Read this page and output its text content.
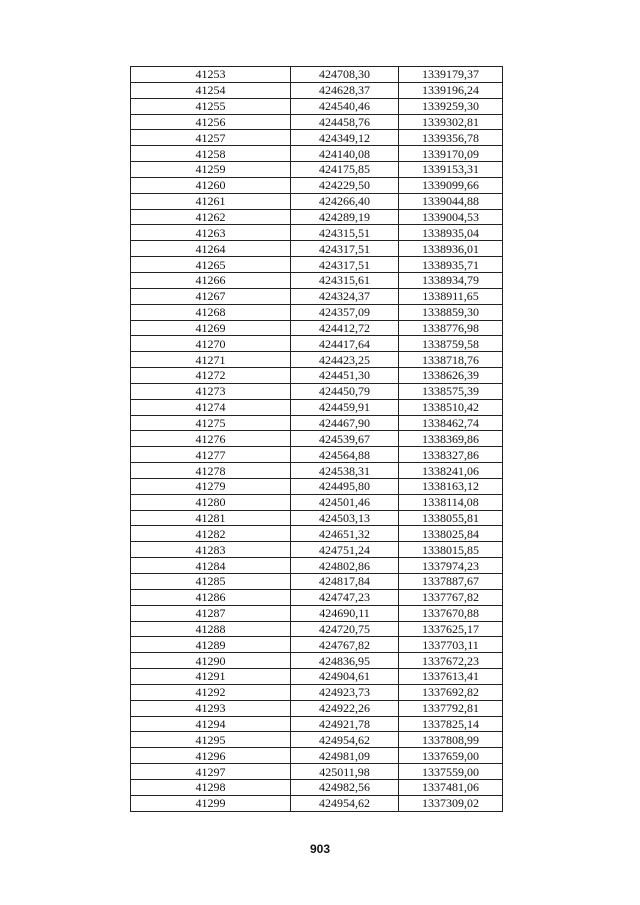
41253	424708,30	1339179,37
41254	424628,37	1339196,24
41255	424540,46	1339259,30
41256	424458,76	1339302,81
41257	424349,12	1339356,78
41258	424140,08	1339170,09
41259	424175,85	1339153,31
41260	424229,50	1339099,66
41261	424266,40	1339044,88
41262	424289,19	1339004,53
41263	424315,51	1338935,04
41264	424317,51	1338936,01
41265	424317,51	1338935,71
41266	424315,61	1338934,79
41267	424324,37	1338911,65
41268	424357,09	1338859,30
41269	424412,72	1338776,98
41270	424417,64	1338759,58
41271	424423,25	1338718,76
41272	424451,30	1338626,39
41273	424450,79	1338575,39
41274	424459,91	1338510,42
41275	424467,90	1338462,74
41276	424539,67	1338369,86
41277	424564,88	1338327,86
41278	424538,31	1338241,06
41279	424495,80	1338163,12
41280	424501,46	1338114,08
41281	424503,13	1338055,81
41282	424651,32	1338025,84
41283	424751,24	1338015,85
41284	424802,86	1337974,23
41285	424817,84	1337887,67
41286	424747,23	1337767,82
41287	424690,11	1337670,88
41288	424720,75	1337625,17
41289	424767,82	1337703,11
41290	424836,95	1337672,23
41291	424904,61	1337613,41
41292	424923,73	1337692,82
41293	424922,26	1337792,81
41294	424921,78	1337825,14
41295	424954,62	1337808,99
41296	424981,09	1337659,00
41297	425011,98	1337559,00
41298	424982,56	1337481,06
41299	424954,62	1337309,02
903
